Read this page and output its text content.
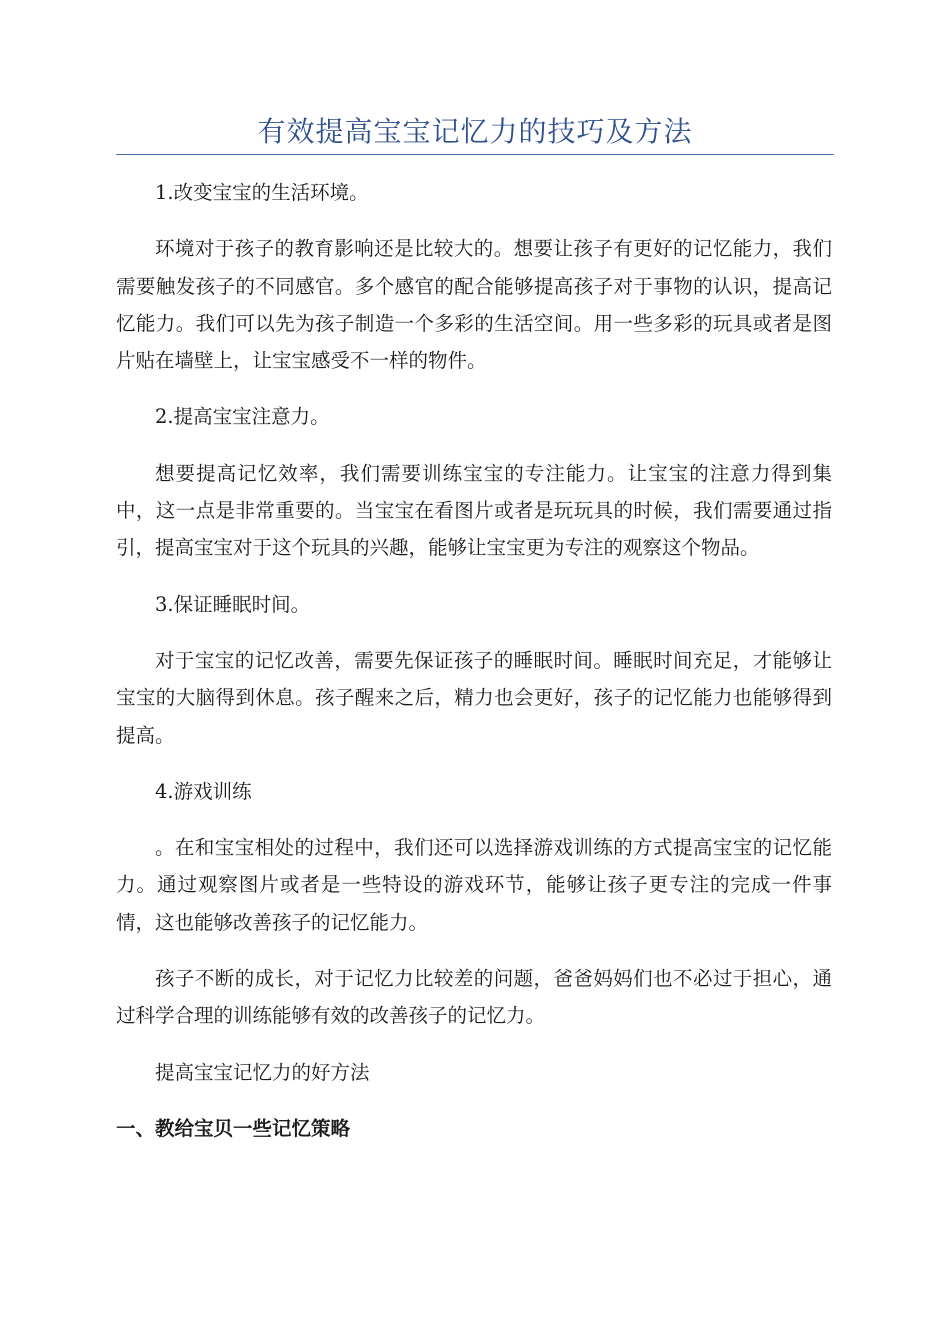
有效提高宝宝记忆力的技巧及方法

1.改变宝宝的生活环境。

环境对于孩子的教育影响还是比较大的。想要让孩子有更好的记忆能力，我们需要触发孩子的不同感官。多个感官的配合能够提高孩子对于事物的认识，提高记忆能力。我们可以先为孩子制造一个多彩的生活空间。用一些多彩的玩具或者是图片贴在墙壁上，让宝宝感受不一样的物件。

2.提高宝宝注意力。

想要提高记忆效率，我们需要训练宝宝的专注能力。让宝宝的注意力得到集中，这一点是非常重要的。当宝宝在看图片或者是玩玩具的时候，我们需要通过指引，提高宝宝对于这个玩具的兴趣，能够让宝宝更为专注的观察这个物品。

3.保证睡眠时间。

对于宝宝的记忆改善，需要先保证孩子的睡眠时间。睡眠时间充足，才能够让宝宝的大脑得到休息。孩子醒来之后，精力也会更好，孩子的记忆能力也能够得到提高。

4.游戏训练

。在和宝宝相处的过程中，我们还可以选择游戏训练的方式提高宝宝的记忆能力。通过观察图片或者是一些特设的游戏环节，能够让孩子更专注的完成一件事情，这也能够改善孩子的记忆能力。

孩子不断的成长，对于记忆力比较差的问题，爸爸妈妈们也不必过于担心，通过科学合理的训练能够有效的改善孩子的记忆力。

提高宝宝记忆力的好方法

一、教给宝贝一些记忆策略
